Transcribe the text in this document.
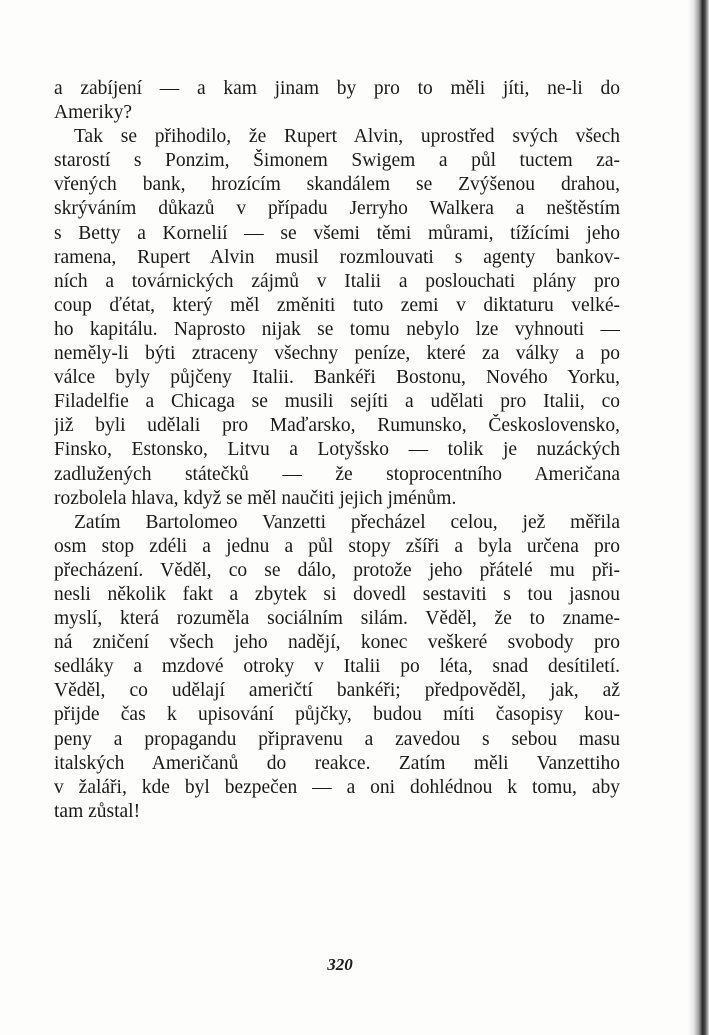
a zabíjení — a kam jinam by pro to měli jíti, ne-li do
Ameriky?
Tak se přihodilo, že Rupert Alvin, uprostřed svých všech
starostí s Ponzim, Šimonem Swigem a půl tuctem za-
vřených bank, hrozícím skandálem se Zvýšenou drahou,
skrýváním důkazů v případu Jerryho Walkera a neštěstím
s Betty a Kornelií — se všemi těmi můrami, tížícími jeho
ramena, Rupert Alvin musil rozmlouvati s agenty bankov-
ních a továrnických zájmů v Italii a poslouchati plány pro
coup ďétat, který měl změniti tuto zemi v diktaturu velké-
ho kapitálu. Naprosto nijak se tomu nebylo lze vyhnouti —
neměly-li býti ztraceny všechny peníze, které za války a po
válce byly půjčeny Italii. Bankéři Bostonu, Nového Yorku,
Filadelfie a Chicaga se musili sejíti a udělati pro Italii, co
již byli udělali pro Maďarsko, Rumunsko, Československo,
Finsko, Estonsko, Litvu a Lotyšsko — tolik je nuzáckých
zadlužených státečků — že stoprocentního Američana
rozbolela hlava, když se měl naučiti jejich jménům.
Zatím Bartolomeo Vanzetti přecházel celou, jež měřila
osm stop zdéli a jednu a půl stopy zšíři a byla určena pro
přecházení. Věděl, co se dálo, protože jeho přátelé mu při-
nesli několik fakt a zbytek si dovedl sestaviti s tou jasnou
myslí, která rozuměla sociálním silám. Věděl, že to zname-
ná zničení všech jeho nadějí, konec veškeré svobody pro
sedláky a mzdové otroky v Italii po léta, snad desítiletí.
Věděl, co udělají američtí bankéři; předpověděl, jak, až
přijde čas k upisování půjčky, budou míti časopisy kou-
peny a propagandu připravenu a zavedou s sebou masu
italských Američanů do reakce. Zatím měli Vanzettiho
v žaláři, kde byl bezpečen — a oni dohlédnou k tomu, aby
tam zůstal!
320
